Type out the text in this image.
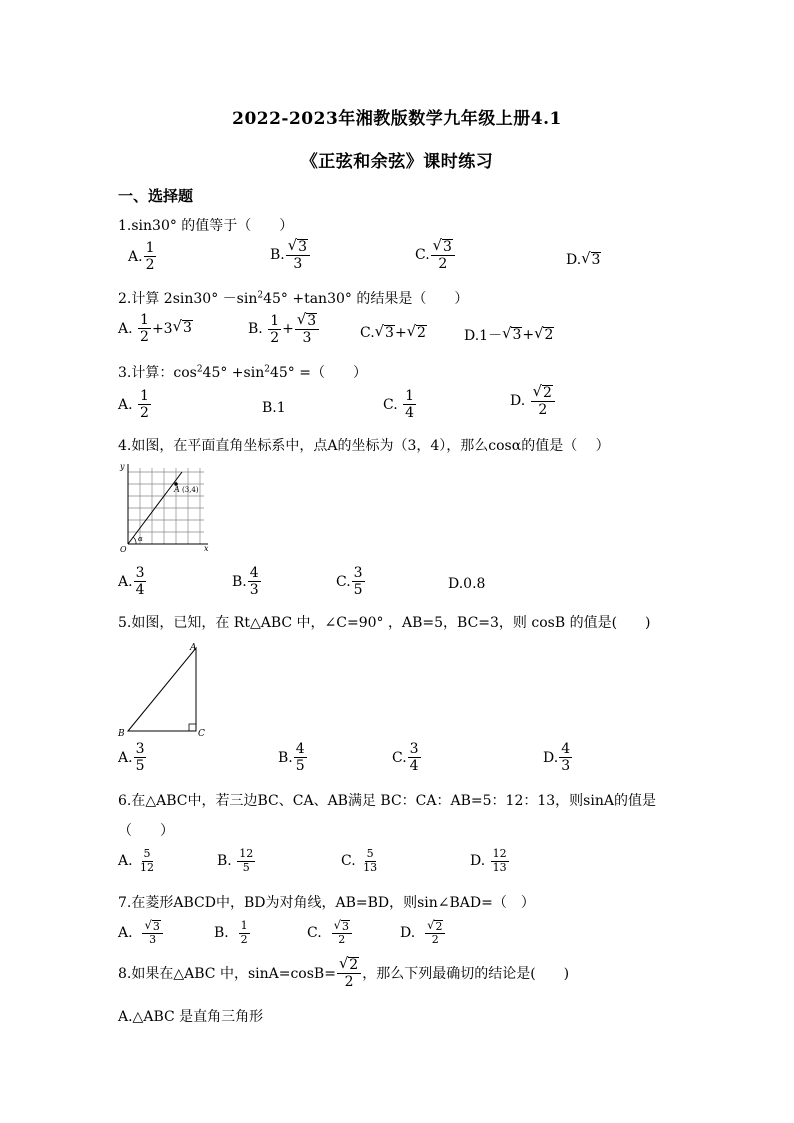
2022-2023年湘教版数学九年级上册4.1
《正弦和余弦》课时练习
一、选择题
1.sin30° 的值等于（　　）
A. $\frac{1}{2}$	B. $\frac{√ 3}{3}$	C. $\frac{√ 3}{2}$	D. √ 3
2.计算 $2\sin 30^\circ -\sin^245^\circ +\tan 30^\circ$ 的结果是（　　）
A.
$\frac{1}{2} +3$ √ 3	B.
$\frac{1}{2} + \frac{√ 3}{3}$	C. √ 3 + √ 2	D.1－ √ 3 + √ 2
3.计算：$\cos^245^\circ +\sin^245^\circ$ =（　　）
A.
$\frac{1}{2}$	B.1	C.
$\frac{1}{4}$	D.
$\frac{√ 2}{2}$
4.如图，在平面直角坐标系中，点A的坐标为（3，4），那么cosα的值是（　 ）
y
x
O
α
A (3,4)
A. $\frac{3}{4}$	B. $\frac{4}{3}$	C. $\frac{3}{5}$	D.0.8
5.如图，已知，在 Rt△ABC 中，∠C=90° ，AB=5，BC=3，则 cosB 的值是(　　)
A
B	C
A. $\frac{3}{5}$	B. $\frac{4}{5}$	C. $\frac{3}{4}$	D. $\frac{4}{3}$
6.在△ABC中，若三边BC、CA、AB满足 BC：CA：AB=5：12：13，则sinA的值是
（　　）
A.
$\frac{5}{12}$	B.
$\frac{12}{5}$	C.
$\frac{5}{13}$	D.
$\frac{12}{13}$
7.在菱形ABCD中，BD为对角线，AB=BD，则sin∠BAD=（　）
A.
$\frac{√ 3}{3}$	B.
$\frac{1}{2}$	C.
$\frac{√ 3}{2}$	D.
$\frac{√ 2}{2}$
8.如果在△ABC 中，$\sin A=\cos B= \frac{√ 2}{2}$ ，那么下列最确切的结论是(　　)
A.△ABC 是直角三角形
